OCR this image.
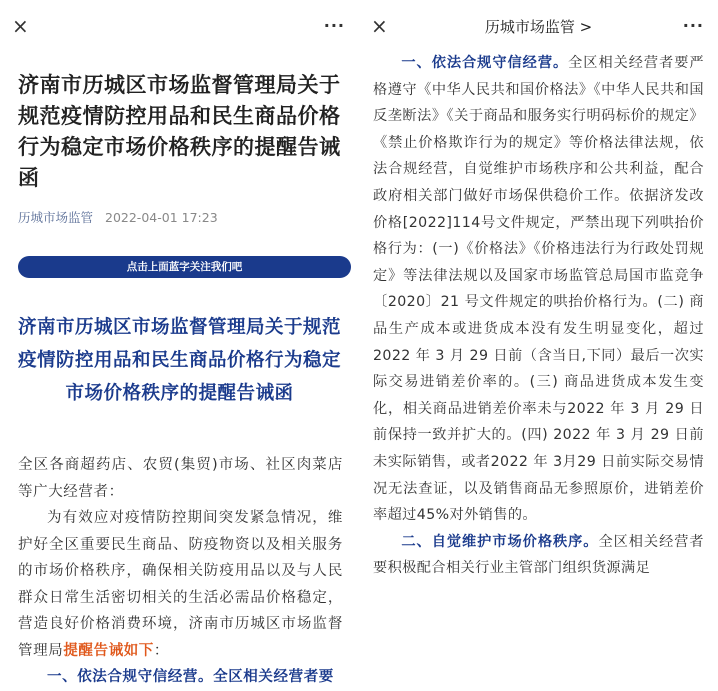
×	···
济南市历城区市场监督管理局关于规范疫情防控用品和民生商品价格行为稳定市场价格秩序的提醒告诫函
历城市场监管 2022-04-01 17:23
点击上面蓝字关注我们吧
济南市历城区市场监督管理局关于规范疫情防控用品和民生商品价格行为稳定市场价格秩序的提醒告诫函
全区各商超药店、农贸(集贸)市场、社区肉菜店等广大经营者：
为有效应对疫情防控期间突发紧急情况，维护好全区重要民生商品、防疫物资以及相关服务的市场价格秩序，确保相关防疫用品以及与人民群众日常生活密切相关的生活必需品价格稳定，营造良好价格消费环境，济南市历城区市场监督管理局提醒告诫如下：
一、依法合规守信经营。全区相关经营者要
×	历城市场监管 >	···
一、依法合规守信经营。全区相关经营者要严格遵守《中华人民共和国价格法》《中华人民共和国反垄断法》《关于商品和服务实行明码标价的规定》《禁止价格欺诈行为的规定》等价格法律法规，依法合规经营，自觉维护市场秩序和公共利益，配合政府相关部门做好市场保供稳价工作。依据济发改价格[2022]114号文件规定，严禁出现下列哄抬价格行为：(一)《价格法》《价格违法行为行政处罚规定》等法律法规以及国家市场监管总局国市监竞争〔2020〕21 号文件规定的哄抬价格行为。(二) 商品生产成本或进货成本没有发生明显变化，超过2022 年 3 月 29 日前（含当日,下同）最后一次实际交易进销差价率的。(三) 商品进货成本发生变化，相关商品进销差价率未与2022 年 3 月 29 日前保持一致并扩大的。(四) 2022 年 3 月 29 日前未实际销售，或者2022 年 3月29 日前实际交易情况无法查证，以及销售商品无参照原价，进销差价率超过45%对外销售的。
二、自觉维护市场价格秩序。全区相关经营者要积极配合相关行业主管部门组织货源满足
